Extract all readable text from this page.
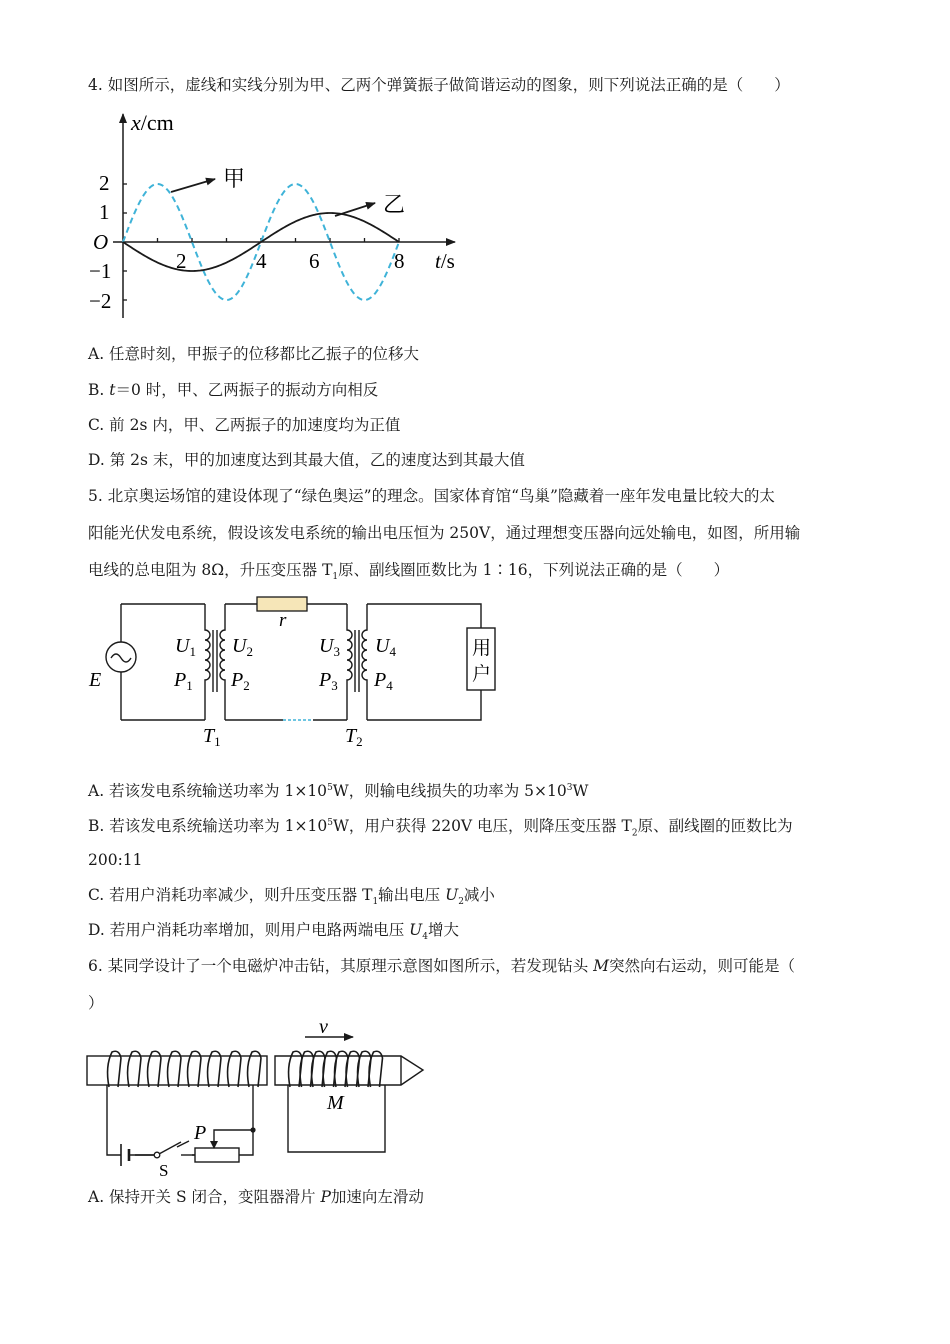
4. 如图所示，虚线和实线分别为甲、乙两个弹簧振子做简谐运动的图象，则下列说法正确的是（　　）
x/cm
t/s
O
2
1
−1
−2
2	4 6	8
甲
乙
A. 任意时刻，甲振子的位移都比乙振子的位移大
B. t＝0 时，甲、乙两振子的振动方向相反
C. 前 2s 内，甲、乙两振子的加速度均为正值
D. 第 2s 末，甲的加速度达到其最大值，乙的速度达到其最大值
5. 北京奥运场馆的建设体现了“绿色奥运”的理念。国家体育馆“鸟巢”隐藏着一座年发电量比较大的太
阳能光伏发电系统，假设该发电系统的输出电压恒为 250V，通过理想变压器向远处输电，如图，所用输
电线的总电阻为 8Ω，升压变压器 $T_1$原、副线圈匝数比为 1∶16，下列说法正确的是（　　）
r
E
$U_1$
$P_1$
$U_2$
$P_2$
$U_3$
$P_3$
$U_4$
$P_4$
$T_1$	$T_2$
用
户
A. 若该发电系统输送功率为 $1\times 10^5W$，则输电线损失的功率为 $5\times 10^3W$
B. 若该发电系统输送功率为 $1\times 10^5W$，用户获得 220V 电压，则降压变压器 $T_2$原、副线圈的匝数比为
200:11
C. 若用户消耗功率减少，则升压变压器 $T_1$输出电压 $U_2$减小
D. 若用户消耗功率增加，则用户电路两端电压 $U_4$增大
6. 某同学设计了一个电磁炉冲击钻，其原理示意图如图所示，若发现钻头 M突然向右运动，则可能是（
）
v
M
P
S
A. 保持开关 S 闭合，变阻器滑片 P加速向左滑动
